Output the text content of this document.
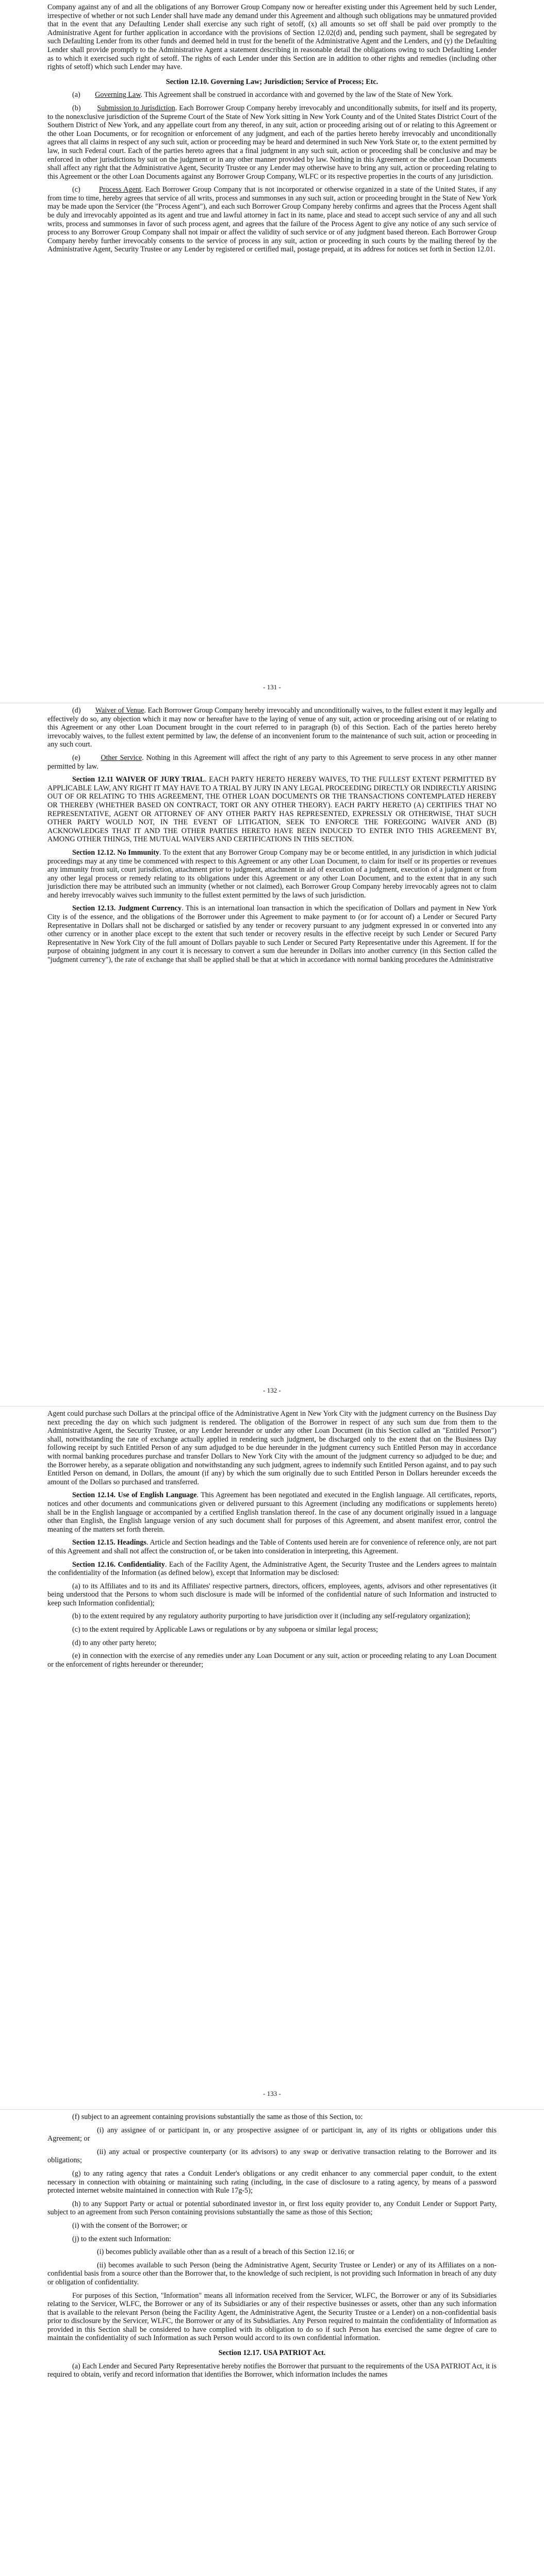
Company against any of and all the obligations of any Borrower Group Company now or hereafter existing under this Agreement held by such Lender, irrespective of whether or not such Lender shall have made any demand under this Agreement and although such obligations may be unmatured provided that in the event that any Defaulting Lender shall exercise any such right of setoff, (x) all amounts so set off shall be paid over promptly to the Administrative Agent for further application in accordance with the provisions of Section 12.02(d) and, pending such payment, shall be segregated by such Defaulting Lender from its other funds and deemed held in trust for the benefit of the Administrative Agent and the Lenders, and (y) the Defaulting Lender shall provide promptly to the Administrative Agent a statement describing in reasonable detail the obligations owing to such Defaulting Lender as to which it exercised such right of setoff. The rights of each Lender under this Section are in addition to other rights and remedies (including other rights of setoff) which such Lender may have.

Section 12.10. Governing Law; Jurisdiction; Service of Process; Etc.

(a) Governing Law. This Agreement shall be construed in accordance with and governed by the law of the State of New York.

(b) Submission to Jurisdiction. Each Borrower Group Company hereby irrevocably and unconditionally submits, for itself and its property, to the nonexclusive jurisdiction of the Supreme Court of the State of New York sitting in New York County and of the United States District Court of the Southern District of New York, and any appellate court from any thereof, in any suit, action or proceeding arising out of or relating to this Agreement or the other Loan Documents, or for recognition or enforcement of any judgment, and each of the parties hereto hereby irrevocably and unconditionally agrees that all claims in respect of any such suit, action or proceeding may be heard and determined in such New York State or, to the extent permitted by law, in such Federal court. Each of the parties hereto agrees that a final judgment in any such suit, action or proceeding shall be conclusive and may be enforced in other jurisdictions by suit on the judgment or in any other manner provided by law. Nothing in this Agreement or the other Loan Documents shall affect any right that the Administrative Agent, Security Trustee or any Lender may otherwise have to bring any suit, action or proceeding relating to this Agreement or the other Loan Documents against any Borrower Group Company, WLFC or its respective properties in the courts of any jurisdiction.

(c)	Process Agent. Each Borrower Group Company that is not incorporated or otherwise organized in a state of the United States, if any from time to time, hereby agrees that service of all writs, process and summonses in any such suit, action or proceeding brought in the State of New York may be made upon the Servicer (the "Process Agent"), and each such Borrower Group Company hereby confirms and agrees that the Process Agent shall be duly and irrevocably appointed as its agent and true and lawful attorney in fact in its name, place and stead to accept such service of any and all such writs, process and summonses in favor of such process agent, and agrees that the failure of the Process Agent to give any notice of any such service of process to any Borrower Group Company shall not impair or affect the validity of such service or of any judgment based thereon. Each Borrower Group Company hereby further irrevocably consents to the service of process in any suit, action or proceeding in such courts by the mailing thereof by the Administrative Agent, Security Trustee or any Lender by registered or certified mail, postage prepaid, at its address for notices set forth in Section 12.01.

- 131 -

(d) Waiver of Venue. Each Borrower Group Company hereby irrevocably and unconditionally waives, to the fullest extent it may legally and effectively do so, any objection which it may now or hereafter have to the laying of venue of any suit, action or proceeding arising out of or relating to this Agreement or any other Loan Document brought in the court referred to in paragraph (b) of this Section. Each of the parties hereto hereby irrevocably waives, to the fullest extent permitted by law, the defense of an inconvenient forum to the maintenance of such suit, action or proceeding in any such court.

(e)	Other Service. Nothing in this Agreement will affect the right of any party to this Agreement to serve process in any other manner permitted by law.

Section 12.11 WAIVER OF JURY TRIAL. EACH PARTY HERETO HEREBY WAIVES, TO THE FULLEST EXTENT PERMITTED BY APPLICABLE LAW, ANY RIGHT IT MAY HAVE TO A TRIAL BY JURY IN ANY LEGAL PROCEEDING DIRECTLY OR INDIRECTLY ARISING OUT OF OR RELATING TO THIS AGREEMENT, THE OTHER LOAN DOCUMENTS OR THE TRANSACTIONS CONTEMPLATED HEREBY OR THEREBY (WHETHER BASED ON CONTRACT, TORT OR ANY OTHER THEORY). EACH PARTY HERETO (A) CERTIFIES THAT NO REPRESENTATIVE, AGENT OR ATTORNEY OF ANY OTHER PARTY HAS REPRESENTED, EXPRESSLY OR OTHERWISE, THAT SUCH OTHER PARTY WOULD NOT, IN THE EVENT OF LITIGATION, SEEK TO ENFORCE THE FOREGOING WAIVER AND (B) ACKNOWLEDGES THAT IT AND THE OTHER PARTIES HERETO HAVE BEEN INDUCED TO ENTER INTO THIS AGREEMENT BY, AMONG OTHER THINGS, THE MUTUAL WAIVERS AND CERTIFICATIONS IN THIS SECTION.

Section 12.12. No Immunity. To the extent that any Borrower Group Company may be or become entitled, in any jurisdiction in which judicial proceedings may at any time be commenced with respect to this Agreement or any other Loan Document, to claim for itself or its properties or revenues any immunity from suit, court jurisdiction, attachment prior to judgment, attachment in aid of execution of a judgment, execution of a judgment or from any other legal process or remedy relating to its obligations under this Agreement or any other Loan Document, and to the extent that in any such jurisdiction there may be attributed such an immunity (whether or not claimed), each Borrower Group Company hereby irrevocably agrees not to claim and hereby irrevocably waives such immunity to the fullest extent permitted by the laws of such jurisdiction.

Section 12.13. Judgment Currency. This is an international loan transaction in which the specification of Dollars and payment in New York City is of the essence, and the obligations of the Borrower under this Agreement to make payment to (or for account of) a Lender or Secured Party Representative in Dollars shall not be discharged or satisfied by any tender or recovery pursuant to any judgment expressed in or converted into any other currency or in another place except to the extent that such tender or recovery results in the effective receipt by such Lender or Secured Party Representative in New York City of the full amount of Dollars payable to such Lender or Secured Party Representative under this Agreement. If for the purpose of obtaining judgment in any court it is necessary to convert a sum due hereunder in Dollars into another currency (in this Section called the "judgment currency"), the rate of exchange that shall be applied shall be that at which in accordance with normal banking procedures the Administrative

- 132 -

Agent could purchase such Dollars at the principal office of the Administrative Agent in New York City with the judgment currency on the Business Day next preceding the day on which such judgment is rendered. The obligation of the Borrower in respect of any such sum due from them to the Administrative Agent, the Security Trustee, or any Lender hereunder or under any other Loan Document (in this Section called an "Entitled Person") shall, notwithstanding the rate of exchange actually applied in rendering such judgment, be discharged only to the extent that on the Business Day following receipt by such Entitled Person of any sum adjudged to be due hereunder in the judgment currency such Entitled Person may in accordance with normal banking procedures purchase and transfer Dollars to New York City with the amount of the judgment currency so adjudged to be due; and the Borrower hereby, as a separate obligation and notwithstanding any such judgment, agrees to indemnify such Entitled Person against, and to pay such Entitled Person on demand, in Dollars, the amount (if any) by which the sum originally due to such Entitled Person in Dollars hereunder exceeds the amount of the Dollars so purchased and transferred.

Section 12.14. Use of English Language. This Agreement has been negotiated and executed in the English language. All certificates, reports, notices and other documents and communications given or delivered pursuant to this Agreement (including any modifications or supplements hereto) shall be in the English language or accompanied by a certified English translation thereof. In the case of any document originally issued in a language other than English, the English language version of any such document shall for purposes of this Agreement, and absent manifest error, control the meaning of the matters set forth therein.

Section 12.15. Headings. Article and Section headings and the Table of Contents used herein are for convenience of reference only, are not part of this Agreement and shall not affect the construction of, or be taken into consideration in interpreting, this Agreement.

Section 12.16. Confidentiality. Each of the Facility Agent, the Administrative Agent, the Security Trustee and the Lenders agrees to maintain the confidentiality of the Information (as defined below), except that Information may be disclosed:

(a) to its Affiliates and to its and its Affiliates' respective partners, directors, officers, employees, agents, advisors and other representatives (it being understood that the Persons to whom such disclosure is made will be informed of the confidential nature of such Information and instructed to keep such Information confidential);

(b) to the extent required by any regulatory authority purporting to have jurisdiction over it (including any self-regulatory organization);

(c) to the extent required by Applicable Laws or regulations or by any subpoena or similar legal process;

(d) to any other party hereto;

(e) in connection with the exercise of any remedies under any Loan Document or any suit, action or proceeding relating to any Loan Document or the enforcement of rights hereunder or thereunder;

- 133 -

(f) subject to an agreement containing provisions substantially the same as those of this Section, to:

(i) any assignee of or participant in, or any prospective assignee of or participant in, any of its rights or obligations under this Agreement; or

(ii) any actual or prospective counterparty (or its advisors) to any swap or derivative transaction relating to the Borrower and its obligations;

(g) to any rating agency that rates a Conduit Lender's obligations or any credit enhancer to any commercial paper conduit, to the extent necessary in connection with obtaining or maintaining such rating (including, in the case of disclosure to a rating agency, by means of a password protected internet website maintained in connection with Rule 17g-5);

(h) to any Support Party or actual or potential subordinated investor in, or first loss equity provider to, any Conduit Lender or Support Party, subject to an agreement from such Person containing provisions substantially the same as those of this Section;

(i) with the consent of the Borrower; or

(j) to the extent such Information:

(i) becomes publicly available other than as a result of a breach of this Section 12.16; or

(ii) becomes available to such Person (being the Administrative Agent, Security Trustee or Lender) or any of its Affiliates on a non-confidential basis from a source other than the Borrower that, to the knowledge of such recipient, is not providing such Information in breach of any duty or obligation of confidentiality.

For purposes of this Section, "Information" means all information received from the Servicer, WLFC, the Borrower or any of its Subsidiaries relating to the Servicer, WLFC, the Borrower or any of its Subsidiaries or any of their respective businesses or assets, other than any such information that is available to the relevant Person (being the Facility Agent, the Administrative Agent, the Security Trustee or a Lender) on a non-confidential basis prior to disclosure by the Servicer, WLFC, the Borrower or any of its Subsidiaries. Any Person required to maintain the confidentiality of Information as provided in this Section shall be considered to have complied with its obligation to do so if such Person has exercised the same degree of care to maintain the confidentiality of such Information as such Person would accord to its own confidential information.

Section 12.17. USA PATRIOT Act.

(a) Each Lender and Secured Party Representative hereby notifies the Borrower that pursuant to the requirements of the USA PATRIOT Act, it is required to obtain, verify and record information that identifies the Borrower, which information includes the names
